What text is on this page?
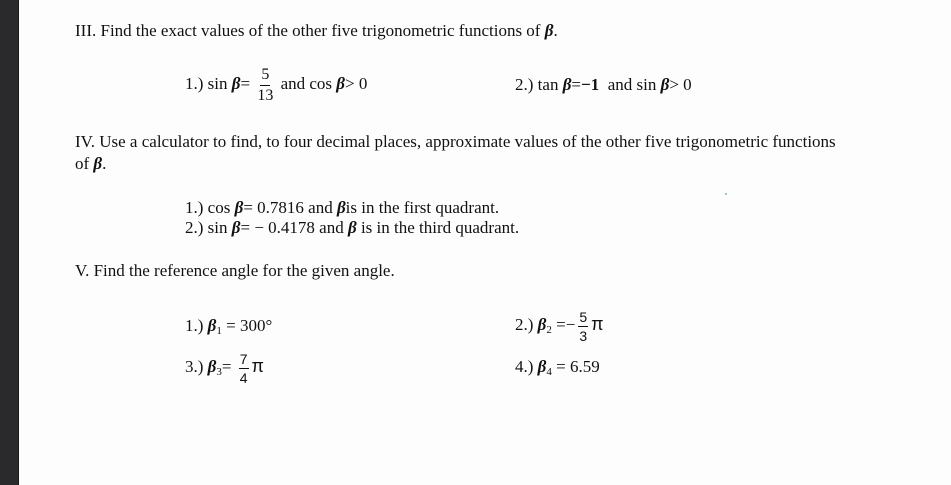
III. Find the exact values of the other five trigonometric functions of β.
1.) $\sin \beta= \frac{5}{13}$ and cos β> 0	2.) tan β=−1 and sin β> 0
IV. Use a calculator to find, to four decimal places, approximate values of the other five trigonometric functions
of β.
1.) cos β= 0.7816 and βis in the first quadrant.
2.) sin β= − 0.4178 and β is in the third quadrant.
V. Find the reference angle for the given angle.
1.) $\beta_1 = 300^\circ$	2.) $\beta_2 =- \frac{5}{3}$ π
3.) $\beta_3= \frac{7}{4}$ π	4.) $\beta_4 = 6.59$
